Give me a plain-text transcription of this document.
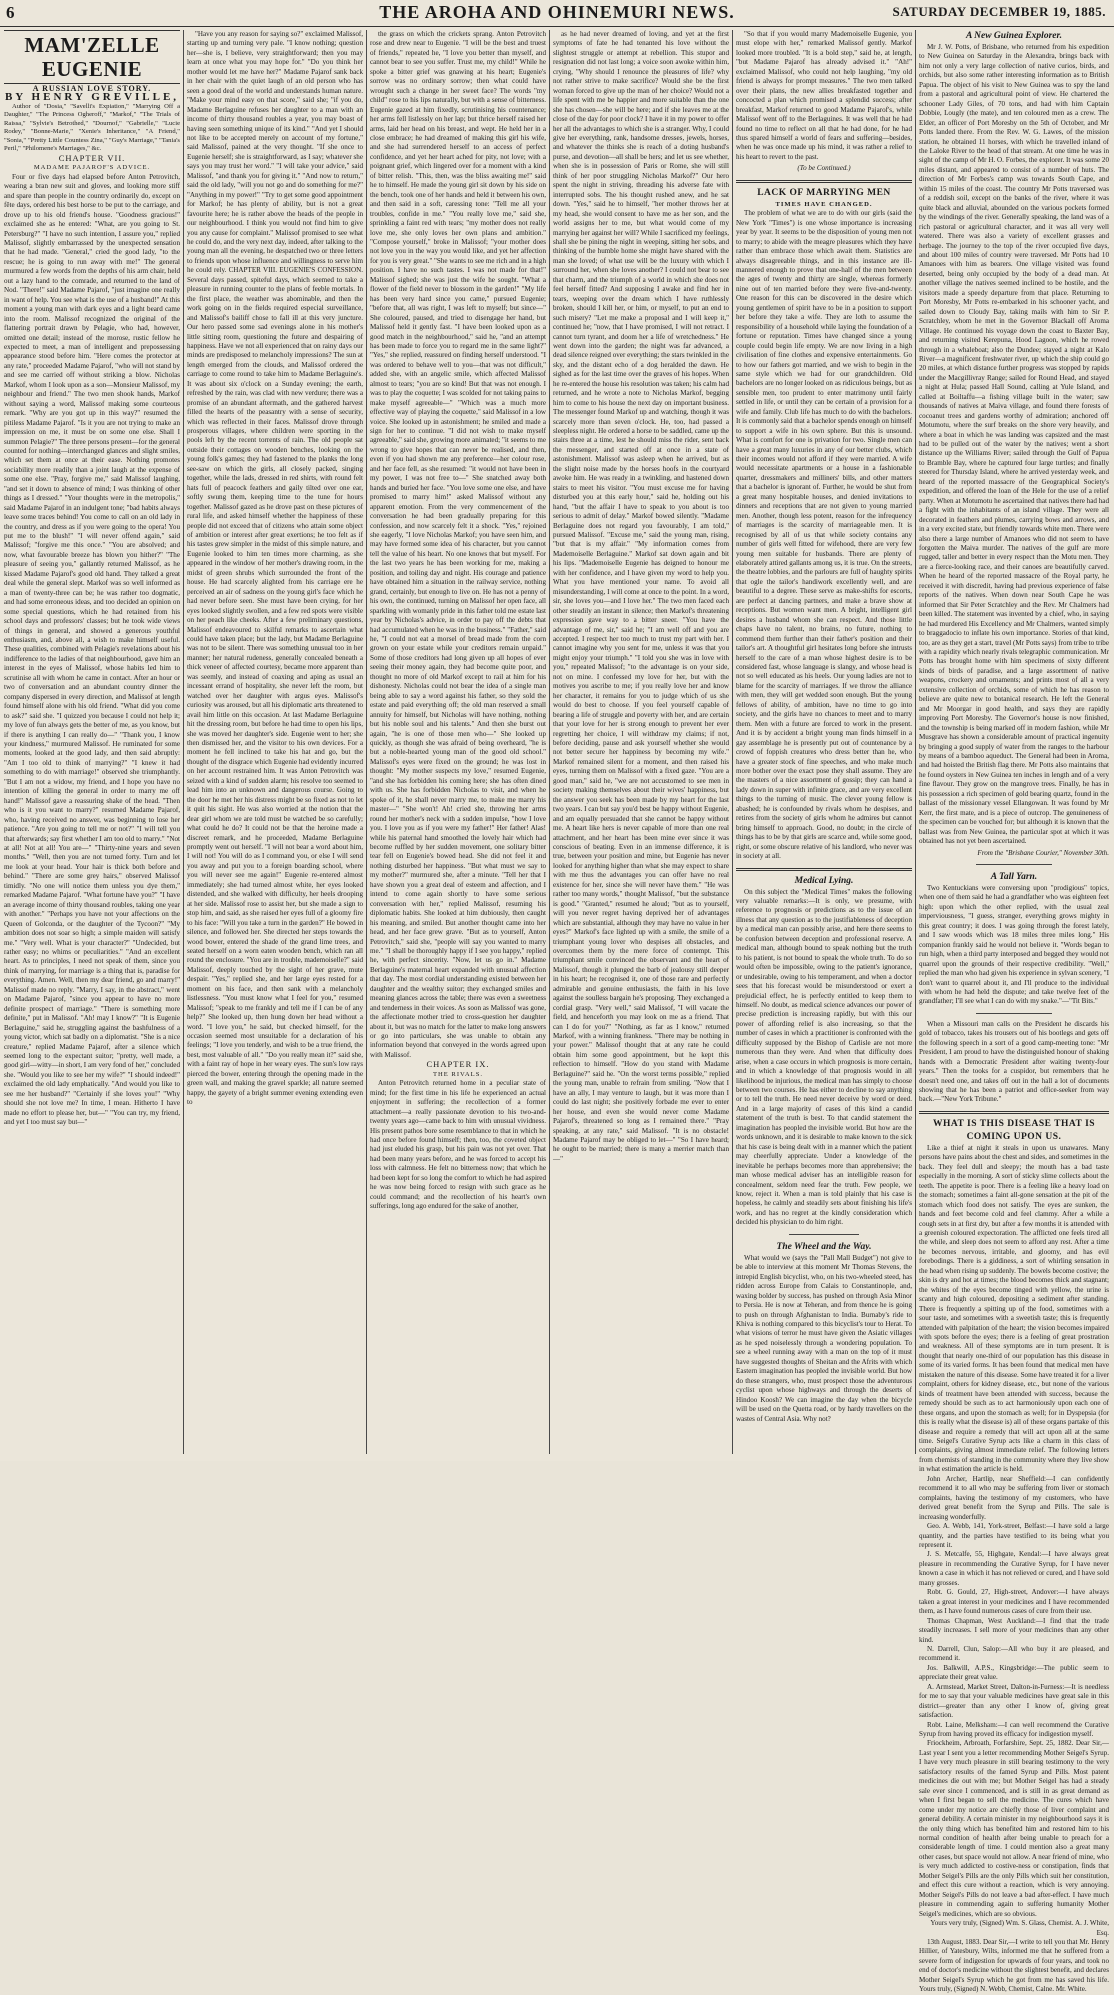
6	THE AROHA AND OHINEMURI NEWS.	SATURDAY DECEMBER 19, 1885.
MAM'ZELLE EUGENIE
A RUSSIAN LOVE STORY.
BY HENRY GREVILLE,

Author of "Dosia," "Savelli's Expiation," "Marrying Off a Daughter," "The Princess Ogheroff," "Markof," "The Trials of Raissa," "Sylvie's Betrothed," "Dournof," "Gabrielle," "Lucie Rodey," "Bonne-Marie," "Xenie's Inheritance," "A Friend," "Sonia," "Pretty Little Countess Zina," "Guy's Marriage," "Tania's Peril," "Philomene's Marriages," &c.

CHAPTER VII.
MADAME PAJAROF'S ADVICE.

Four or five days had elapsed before Anton Petrovitch, wearing a bran new suit and gloves, and looking more stiff and spare than people in the country ordinarily do, except on fête days, ordered his best horse to be put to the carriage, and drove up to his old friend's house. "Goodness gracious!" exclaimed she as he entered: "What, are you going to St. Petersburg?" "I have no such intention, I assure you," replied Malissof, slightly embarrassed by the unexpected sensation that he had made. "General," cried the good lady, "to the rescue; he is going to run away with me!" The general murmured a few words from the depths of his arm chair, held out a lazy hand to the comrade, and returned to the land of Nod. "There!" said Madame Pajarof, "just imagine one really in want of help. You see what is the use of a husband!" At this moment a young man with dark eyes and a light beard came into the room. Malissof recognized the original of the flattering portrait drawn by Pelagie, who had, however, omitted one detail; instead of the morose, rustic fellow he expected to meet, a man of intelligent and prepossessing appearance stood before him. "Here comes the protector at any rate," proceeded Madame Pajarof, "who will not stand by and see me carried off without striking a blow. Nicholas Markof, whom I look upon as a son—Monsieur Malissof, my neighbour and friend." The two men shook hands, Markof without saying a word, Malissof making some courteous remark. "Why are you got up in this way?" resumed the pitiless Madame Pajarof. "Is it you are not trying to make an impression on me, it must be on some one else. Shall I summon Pelagie?" The three persons present—for the general counted for nothing—interchanged glances and slight smiles, which set them at once at their ease. Nothing promotes sociability more readily than a joint laugh at the expense of some one else. "Pray, forgive me," said Malissof laughing, "and set it down to absence of mind; I was thinking of other things as I dressed." "Your thoughts were in the metropolis," said Madame Pajarof in an indulgent tone; "bad habits always leave some traces behind! You come to call on an old lady in the country, and dress as if you were going to the opera! You put me to the blush!" "I will never offend again," said Malissof; "forgive me this once." "You are absolved; and now, what favourable breeze has blown you hither?" "The pleasure of seeing you," gallantly returned Malissof, as he kissed Madame Pajarof's good old hand. They talked a great deal while the general slept. Markof was so well informed as a man of twenty-three can be; he was rather too dogmatic, and had some erroneous ideas, and too decided an opinion on some special questions, which he had retained from his school days and professors' classes; but he took wide views of things in general, and showed a generous youthful enthusiasm, and, above all, a wish to make himself useful. These qualities, combined with Pelagie's revelations about his indifference to the ladies of that neighbourhood, gave him an interest in the eyes of Malissof, whose habits led him to scrutinise all with whom he came in contact. After an hour or two of conversation and an abundant country dinner the company dispersed in every direction, and Malissof at length found himself alone with his old friend. "What did you come to ask?" said she. "I quizzed you because I could not help it; my love of fun always gets the better of me, as you know, but if there is anything I can really do—" "Thank you, I know your kindness," murmured Malissof. He ruminated for some moments, looked at the good lady, and then said abruptly: "Am I too old to think of marrying?" "I knew it had something to do with marriage!" observed she triumphantly. "But I am not a widow, my friend, and I hope you have no intention of killing the general in order to marry me off hand!" Malissof gave a reassuring shake of the head. "Then who is it you want to marry?" resumed Madame Pajarof, who, having received no answer, was beginning to lose her patience. "Are you going to tell me or not?" "I will tell you that afterwards; say first whether I am too old to marry." "Not at all! Not at all! You are—" "Thirty-nine years and seven months." "Well, then you are not turned forty. Turn and let me look at your head. Your hair is thick both before and behind." "There are some grey hairs," observed Malissof timidly. "No one will notice them unless you dye them," remarked Madame Pajarof. "What fortune have you?" "I have an average income of thirty thousand roubles, taking one year with another." "Perhaps you have not your affections on the Queen of Golconda, or the daughter of the Tycoon?" "My ambition does not soar so high; a simple maiden will satisfy me." "Very well. What is your character?" "Undecided, but rather easy; no whims or peculiarities." "And an excellent heart. As to principles, I need not speak of them, since you think of marrying, for marriage is a thing that is, paradise for everything. Amen. Well, then my dear friend, go and marry!" Malissof made no reply. "Marry, I say, in the abstract," went on Madame Pajarof, "since you appear to have no more definite prospect of marriage." "There is something more definite," put in Malissof. "Ah! may I know?" "It is Eugenie Berlaguine," said he, struggling against the bashfulness of a young victor, which sat badly on a diplomatist. "She is a nice creature," replied Madame Pajarof, after a silence which seemed long to the expectant suitor; "pretty, well made, a good girl—witty—in short, I am very fond of her," concluded she. "Would you like to see her my wife?" "I should indeed!" exclaimed the old lady emphatically. "And would you like to see me her husband?" "Certainly if she loves you!" "Why should she not love me? In time, I mean. Hitherto I have made no effort to please her, but—" "You can try, my friend, and yet I too must say but—"

"Have you any reason for saying so?" exclaimed Malissof, starting up and turning very pale. "I know nothing; question her—she is, I believe, very straightforward; then you may learn at once what you may hope for." "Do you think her mother would let me have her?" Madame Pajarof sank back in her chair with the quiet laugh of an old person who has seen a good deal of the world and understands human nature. "Make your mind easy on that score," said she; "if you do, Madame Berlaguine refuses her daughter to a man with an income of thirty thousand roubles a year, you may boast of having seen something unique of its kind." "And yet I should not like to be accepted merely on account of my fortune," said Malissof, pained at the very thought. "If she once to Eugenie herself; she is straightforward, as I say; whatever she says you may trust her word." "I will take your advice," said Malissof, "and thank you for giving it." "And now to return," said the old lady, "will you not go and do something for me?" "Anything in my power!" "Try to get some good appointment for Markof; he has plenty of ability, but is not a great favourite here; he is rather above the heads of the people in our neighbourhood. I think you would not find him to give you any cause for complaint." Malissof promised to see what he could do, and the very next day, indeed, after talking to the young man all the evening, he despatched two or three letters to friends upon whose influence and willingness to serve him he could rely. CHAPTER VIII. EUGENIE'S CONFESSION. Several days passed, spiteful days, which seemed to take a pleasure in running counter to the plans of feeble mortals. In the first place, the weather was abominable, and then the work going on in the fields required especial surveillance, and Malissof's bailiff chose to fall ill at this very juncture. Our hero passed some sad evenings alone in his mother's little sitting room, questioning the future and despairing of happiness. Have we not all experienced that on rainy days our minds are predisposed to melancholy impressions? The sun at length emerged from the clouds, and Malissof ordered the carriage to come round to take him to Madame Berlaguine's. It was about six o'clock on a Sunday evening; the earth, refreshed by the rain, was clad with new verdure; there was a promise of an abundant aftermath, and the gathered harvest filled the hearts of the peasantry with a sense of security, which was reflected in their faces. Malissof drove through prosperous villages, where children were sporting in the pools left by the recent torrents of rain. The old people sat outside their cottages on wooden benches, looking on the young folk's games; they had fastened to the planks the long see-saw on which the girls, all closely packed, singing together, while the lads, dressed in red shirts, with round felt hats full of peacock feathers and gaily tilted over one ear, softly swung them, keeping time to the tune for hours together. Malissof gazed as he drove past on these pictures of rural life, and asked himself whether the happiness of these people did not exceed that of citizens who attain some object of ambition or interest after great exertions; he too felt as if his tastes grew simpler in the midst of this simple nature, and Eugenie looked to him ten times more charming, as she appeared in the window of her mother's drawing room, in the midst of green shrubs which surrounded the front of the house. He had scarcely alighted from his carriage ere he perceived an air of sadness on the young girl's face which he had never before seen. She must have been crying, for her eyes looked slightly swollen, and a few red spots were visible on her peach like cheeks. After a few preliminary questions, Malissof endeavoured to skilful remarks to ascertain what could have taken place; but the lady, but Madame Berlaguine was not to be silent. There was something unusual too in her manner; her natural rudeness, generally concealed beneath a thick veneer of affected courtesy, became more apparent than was seemly, and instead of coaxing and aping as usual an incessant errand of hospitality, she never left the room, but watched over her daughter with argus eyes. Malissof's curiosity was aroused, but all his diplomatic arts threatened to avail him little on this occasion. At last Madame Berlaguine hit the dressing room, but before he had time to open his lips, she was moved her daughter's side. Eugenie went to her; she then dismissed her, and the visitor to his own devices. For a moment he fell inclined to take his hat and go, but the thought of the disgrace which Eugenie had evidently incurred on her account restrained him. It was Anton Petrovitch was seized with a kind of sudden alarm; his resolve too seemed to lead him into an unknown and dangerous course. Going to the door he met her his distress might be so fixed as not to let it quit his sight. He was also worried at the notion that the dear girl whom we are told must be watched be so carefully; what could he do? It could not be that the heroine made a discreet remark, and he proceeded, Madame Berlaguine promptly went out herself. "I will not bear a word about him, I will not! You will do as I command you, or else I will send you away and put you to a foreign boarding school, where you will never see me again!" Eugenie re-entered almost immediately; she had turned almost white, her eyes looked distended, and she walked with difficulty, her heels drooping at her side. Malissof rose to assist her, but she made a sign to stop him, and said, as she raised her eyes full of a gloomy fire to his face: "Will you take a turn in the garden?" He bowed in silence, and followed her. She directed her steps towards the wood bower, entered the shade of the grand lime trees, and seated herself on a worn eaten wooden bench, which ran all round the enclosure. "You are in trouble, mademoiselle?" said Malissof, deeply touched by the sight of her grave, mute despair. "Yes," replied she, and her large eyes rested for a moment on his face, and then sank with a melancholy listlessness. "You must know what I feel for you," resumed Malissof; "speak to me frankly and tell me if I can be of any help?" She looked up, then hung down her head without a word. "I love you," he said, but checked himself, for the occasion seemed most unsuitable for a declaration of his feelings; "I love you tenderly, and wish to be a true friend, the best, most valuable of all." "Do you really mean it?" said she, with a faint ray of hope in her weary eyes. The sun's low rays pierced the bower, entering through the opening made in the green wall, and making the gravel sparkle; all nature seemed happy, the gayety of a bright summer evening extending even to

the grass on which the crickets sprang. Anton Petrovitch rose and drew near to Eugenie. "I will be the best and truest of friends," repeated he, "I love you better than myself, and cannot bear to see you suffer. Trust me, my child!" While he spoke a bitter grief was gnawing at his heart; Eugenie's sorrow was no ordinary sorrow; then what could have wrought such a change in her sweet face? The words "my child" rose to his lips naturally, but with a sense of bitterness. Eugenie gazed at him fixedly, scrutinising his countenance; her arms fell listlessly on her lap; but thrice herself raised her arms, laid her head on his breast, and wept. He held her in a close embrace; he had dreamed of making this girl his wife, and she had surrendered herself to an access of perfect confidence, and yet her heart ached for pity, not love; with a poignant grief, which lingered over for a moment with a kind of bitter relish. "This, then, was the bliss awaiting me!" said he to himself. He made the young girl sit down by his side on the bench, took one of her hands and held it between his own, and then said in a soft, caressing tone: "Tell me all your troubles, confide in me." "You really love me," said she, sprinkling a faint red with tears; "my mother does not really love me, she only loves her own plans and ambition." "Compose yourself," broke in Malissof; "your mother does not love you in the way you would like, and yet her affection for you is very great." "She wants to see me rich and in a high position. I have no such tastes. I was not made for that!" Malissof sighed; she was just the wife he sought. "What a flower of the field never to blossom in the garden!" "My life has been very hard since you came," pursued Eugenie; "before that, all was right, I was left to myself; but since—" She coloured, paused, and tried to disengage her hand, but Malissof held it gently fast. "I have been looked upon as a good match in the neighbourhood," said he, "and an attempt has been made to force you to regard me in the same light?" "Yes," she replied, reassured on finding herself understood. "I was ordered to behave well to you—that was not difficult," added she, with an angelic smile, which affected Malissof almost to tears; "you are so kind! But that was not enough. I was to play the coquette; I was scolded for not taking pains to make myself agreeable—" "Which was a much more effective way of playing the coquette," said Malissof in a low voice. She looked up in astonishment; he smiled and made a sign for her to continue. "I did not wish to make myself agreeable," said she, growing more animated; "it seems to me wrong to give hopes that can never be realised, and then, even if you had shown me any preference—her colour rose, and her face fell, as she resumed: "it would not have been in my power, I was not free to—" She snatched away both hands and buried her face. "You love some one else, and have promised to marry him!" asked Malissof without any apparent emotion. From the very commencement of the conversation he had been gradually preparing for this confession, and now scarcely felt it a shock. "Yes," rejoined she eagerly, "I love Nicholas Markof; you have seen him, and may have formed some idea of his character, but you cannot tell the value of his heart. No one knows that but myself. For the last two years he has been working for me, making a position, and toiling day and night. His courage and patience have obtained him a situation in the railway service, nothing grand, certainly, but enough to live on. He has not a penny of his own, the continued, turning on Malissof her open face, all sparkling with womanly pride in this father told me estate last year by Nicholas's advice, in order to pay off the debts that had accumulated when he was in the business." "Father," said he, "I could not eat a morsel of bread made from the corn grown on your estate while your creditors remain unpaid." Some of those creditors had long given up all hopes of ever seeing their money again, they had become quite poor, and thought no more of old Markof except to rail at him for his dishonesty. Nicholas could not bear the idea of a single man being able to say a word against his father, so they sold the estate and paid everything off; the old man reserved a small annuity for himself, but Nicholas will have nothing, nothing but his noble soul and his talents." And then she burst out again, "he is one of those men who—" She looked up quickly, as though she was afraid of being overheard, "he is but a noble-hearted young man of the good old school." Malissof's eyes were fixed on the ground; he was lost in thought: "My mother suspects my love," resumed Eugenie, "and she has forbidden his coming here; she has often dined with us. She has forbidden Nicholas to visit, and when he spoke of it, he shall never marry me, to make me marry his master—" "She won't! Ah! cried she, throwing her arms round her mother's neck with a sudden impulse, "how I love you. I love you as if you were my father!" Her father! Alas! while his paternal hand smoothed the lovely hair which had become ruffled by her sudden movement, one solitary bitter tear fell on Eugenie's bowed head. She did not feel it and nothing disturbed her happiness. "But what must we say to my mother?" murmured she, after a minute. "Tell her that I have shown you a great deal of esteem and affection, and I intend to come again shortly to have some serious conversation with her," replied Malissof, resuming his diplomatic habits. She looked at him dubiously, then caught his meaning, and smiled. But another thought came into her head, and her face grew grave. "But as to yourself, Anton Petrovitch," said she, "people will say you wanted to marry me." "I shall be thoroughly happy if I see you happy," replied he, with perfect sincerity. "Now, let us go in." Madame Berlaguine's maternal heart expanded with unusual affection that day. The most cordial understanding existed between her daughter and the wealthy suitor; they exchanged smiles and meaning glances across the table; there was even a sweetness and tenderness in their voices. As soon as Malissof was gone, the affectionate mother tried to cross-question her daughter about it, but was no match for the latter to make long answers or go into particulars, she was unable to obtain any information beyond that conveyed in the words agreed upon with Malissof.

CHAPTER IX.
THE RIVALS.

Anton Petrovitch returned home in a peculiar state of mind; for the first time in his life he experienced an actual enjoyment in suffering; the recollection of a former attachment—a really passionate devotion to his two-and-twenty years ago—came back to him with unusual vividness. His present pathos bore some resemblance to that in which he had once before found himself; then, too, the coveted object had just eluded his grasp, but his pain was not yet over. That had been many years before, and he was forced to accept his loss with calmness. He felt no bitterness now; that which he had been kept for so long the comfort to which he had aspired he was now being forced to resign with such grace as he could command; and the recollection of his heart's own sufferings, long ago endured for the sake of another,

as he had never dreamed of loving, and yet at the first symptoms of fate he had tenanted his love without the slightest struggle or attempt at rebellion. This stupor and resignation did not last long; a voice soon awoke within him, crying, "Why should I renounce the pleasures of life? why not rather strive to make sacrifice? Would she be the first woman forced to give up the man of her choice? Would not a life spent with me be happier and more suitable than the one she has chosen—she will be here; and if she leaves me at the close of the day for poor clock? I have it in my power to offer her all the advantages to which she is a stranger. Why, I could give her everything, rank, handsome dresses, jewels, horses, and whatever the thinks she is reach of a doting husband's purse, and devotion—all shall be hers; and let us see whether, when she is in possession of Paris or Rome, she will still think of her poor struggling Nicholas Markof?" Our hero spent the night in striving, threading his adverse fate with interrupted sobs. The his thought rushed anew, and he sat down. "Yes," said he to himself, "her mother throws her at my head, she would consent to have me as her son, and the world assigns her to me, but what would come of my marrying her against her will? While I sacrificed my feelings, shall she be pining the night in weeping, sitting her sobs, and thinking of the humble home she might have shared with the man she loved; of what use will be the luxury with which I surround her, when she loves another? I could not bear to see that charm, and the triumph of a world in which she does not feel herself fitted? And supposing I awake and find her in tears, weeping over the dream which I have ruthlessly broken, should I kill her, or him, or myself, to put an end to such misery? "Let me make a proposal and I will keep it," continued he; "now, that I have promised, I will not retract. I cannot turn tyrant, and doom her a life of wretchedness." He went down into the garden; the night was far advanced, a dead silence reigned over everything; the stars twinkled in the sky, and the distant echo of a dog heralded the dawn. He sighed as for the last time over the graves of his hopes. When he re-entered the house his resolution was taken; his calm had returned, and he wrote a note to Nicholas Markof, begging him to come to his house the next day on important business. The messenger found Markof up and watching, though it was scarcely more than seven o'clock. He, too, had passed a sleepless night. He ordered a horse to be saddled, came up the stairs three at a time, lest he should miss the rider, sent back the messenger, and started off at once in a state of astonishment. Malissof was asleep when he arrived, but as the slight noise made by the horses hoofs in the courtyard awoke him. He was ready in a twinkling, and hastened down stairs to meet his visitor. "You must excuse me for having disturbed you at this early hour," said he, holding out his hand, "but the affair I have to speak to you about is too serious to admit of delay." Markof bowed silently. "Madame Berlaguine does not regard you favourably, I am told," pursued Malissof. "Excuse me," said the young man, rising, "but that is my affair." "My information comes from Mademoiselle Berlaguine." Markof sat down again and bit his lips. "Mademoiselle Eugenie has deigned to honour me with her confidence, and I have given my word to help you. What you have mentioned your name. To avoid all misunderstanding, I will come at once to the point. In a word, sir, she loves you—and I love her." The two men faced each other steadily an instant in silence; then Markof's threatening expression gave way to a bitter sneer. "You have the advantage of me, sir," said he; "I am well off and you are accepted. I respect her too much to trust my part with her. I cannot imagine why you sent for me, unless it was that you might enjoy your triumph." "I told you she was in love with you," repeated Malissof; "to the advantage is on your side, not on mine. I confessed my love for her, but with the motives you ascribe to me; if you really love her and know her character, it remains for you to judge which of us she would do best to choose. If you feel yourself capable of bearing a life of struggle and poverty with her, and are certain that your love for her is strong enough to prevent her ever regretting her choice, I will withdraw my claims; if not, before deciding, pause and ask yourself whether she would not better secure her happiness by becoming my wife." Markof remained silent for a moment, and then raised his eyes, turning them on Malissof with a fixed gaze. "You are a good man," said he, "we are not accustomed to see men in society making themselves about their wives' happiness, but the answer you seek has been made by my heart for the last two years. I can but say you'd best be happy without Eugenie, and am equally persuaded that she cannot be happy without me. A heart like hers is never capable of more than one real attachment, and her heart has been mine ever since it was conscious of beating. Even in an immense difference, it is true, between your position and mine, but Eugenie has never looked for anything higher than what she may expect to share with me thus the advantages you can offer have no real existence for her, since she will never have them." "He was rather too many words," thought Malissof, "but the substance is good." "Granted," resumed he aloud; "but as to yourself, will you never regret having deprived her of advantages which are substantial, although they may have no value in her eyes?" Markof's face lighted up with a smile, the smile of a triumphant young lover who despises all obstacles, and overcomes them by the mere force of contempt. This triumphant smile convinced the observant and the heart of Malissof, though it plunged the barb of jealousy still deeper in his heart; he recognised it, one of those rare and perfectly admirable and genuine enthusiasts, the faith in his love against the soulless bargain he's proposing. They exchanged a cordial grasp. "Very well," said Malissof, "I will vacate the field, and henceforth you may look on me as a friend. That can I do for you?" "Nothing, as far as I know," returned Markof, with a winning frankness. "There may be nothing in your power." Malissof thought that at any rate he could obtain him some good appointment, but he kept this reflection to himself. "How do you stand with Madame Berlaguine?" said he. "On the worst terms possible," replied the young man, unable to refrain from smiling. "Now that I have an ally, I may venture to laugh, but it was more than I could do last night; she positively forbade me ever to enter her house, and even she would never come Madame Pajarof's, threatened so long as I remained there." "Pray speaking, at any rate," said Malissof. "It is no obstacle! Madame Pajarof may be obliged to let—" "So I have heard; he ought to be married; there is many a merrier match than—"

"So that if you would marry Mademoiselle Eugenie, you must elope with her," remarked Malissof gently. Markof looked more troubled. "It is a bold step," said he, at length, "but Madame Pajarof has already advised it." "Ah!" exclaimed Malissof, who could not help laughing, "my old friend is always for prompt measures." The two men talked over their plans, the new allies breakfasted together and concocted a plan which promised a splendid success; after breakfast, Markof returned to good Madame Pajarof's, while Malissof went off to the Berlaguines. It was well that he had found no time to reflect on all that he had done, for he had thus spared himself a world of fears and suffering—besides, when he was once made up his mind, it was rather a relief to his heart to revert to the past.

(To be Continued.)
LACK OF MARRYING MEN
TIMES HAVE CHANGED.

The problem of what we are to do with our girls (said the New York "Times") is one whose importance is increasing year by year. It seems to be the disposition of young men not to marry; to abide with the meagre pleasures which they have rather than embrace those which await them. Statistics are always disagreeable things, and in this instance are ill-mannered enough to prove that one-half of the men between the ages of twenty and thirty are single, whereas formerly nine out of ten married before they were five-and-twenty. One reason for this can be discovered in the desire which young gentlemen of spirit have to be in a position to support her before they take a wife. They are loth to assume the responsibility of a household while laying the foundation of a fortune or reputation. Times have changed since a young couple could begin life empty. We are now living in a high civilisation of fine clothes and expensive entertainments. Go to how our fathers got married, and we wish to begin in the same style which we had for our grandchildren. Old bachelors are no longer looked on as ridiculous beings, but as sensible men, too prudent to enter matrimony until fairly settled in life, or until they can be certain of a provision for a wife and family. Club life has much to do with the bachelors. It is commonly said that a bachelor spends enough on himself to support a wife in his own sphere. But this is unsound. What is comfort for one is privation for two. Single men can have a great many luxuries in any of our better clubs, which their incomes would not afford if they were married. A wife would necessitate apartments or a house in a fashionable quarter, dressmakers and milliners' bills, and other matters that a bachelor is ignorant of. Further, he would be shut from a great many hospitable houses, and denied invitations to dinners and receptions that are not given to young married men. Another, though less potent, reason for the infrequency of marriages is the scarcity of marriageable men. It is recognised by all of us that while society contains any number of girls well fitted for wifehood, there are very few young men suitable for husbands. There are plenty of elaborately attired gallants among us, it is true. On the streets, the theatre lobbies, and the parlours are full of haughty spirits that ogle the tailor's handiwork excellently well, and are beautiful to a degree. These serve as make-shifts for escorts, are perfect at dancing partners, and make a brave show at receptions. But women want men. A bright, intelligent girl desires a husband whom she can respect. And those little chaps have no talent, no brains, no future, nothing to commend them further than their father's position and their tailor's art. A thoughtful girl hesitates long before she intrusts herself to the care of a man whose highest desire is to be considered fast, whose language is slangy, and whose head is not so well educated as his heels. Our young ladies are not to blame for the scarcity of marriages. If we throw the alliance with men, they will get wedded soon enough. But the young fellows of ability, of ambition, have no time to go into society, and the girls have no chances to meet and to marry them. Men with a future are forced to work in the present. And it is by accident a bright young man finds himself in a gay assemblage he is presently put out of countenance by a crowd of foppish creatures who dress better than he, who have a greater stock of fine speeches, and who make much more bother over the exact pose they shall assume. They are the masters of a nice assortment of gossip; they can hand a lady down in super with infinite grace, and are very excellent things to the turning of music. The clever young fellow is abashed; he is confounded by rivals whom he despises, and retires from the society of girls whom he admires but cannot bring himself to approach. Good, no doubt; in the circle of things has to be by that girls are scarce and, while some good, right, or some obscure relative of his landlord, who never was in society at all.

Medical Lying.

On this subject the "Medical Times" makes the following very valuable remarks:—It is only, we presume, with reference to prognosis or predictions as to the issue of an illness that any question as to the justifiableness of deception by a medical man can possibly arise, and here there seems to be confusion between deception and professional reserve. A medical man, although bound to speak nothing but the truth to his patient, is not bound to speak the whole truth. To do so would often be impossible, owing to the patient's ignorance, or undesirable, owing to his temperament, and when a doctor sees that his forecast would be misunderstood or exert a prejudicial effect, he is perfectly entitled to keep them to himself. No doubt, as medical science advances our power of precise prediction is increasing rapidly, but with this our power of affording relief is also increasing, so that the number of cases in which a practitioner is confronted with the difficulty supposed by the Bishop of Carlisle are not more numerous than they were. And when that difficulty does arise, when a case occurs in which prognosis is more certain, and in which a knowledge of that prognosis would in all likelihood be injurious, the medical man has simply to choose between two courses. He has either to decline to say anything or to tell the truth. He need never deceive by word or deed. And in a large majority of cases of this kind a candid statement of the truth is best. To that candid statement the imagination has peopled the invisible world. But how are the words unknown, and it is desirable to make known to the sick that his case is being dealt with in a manner which the patient may cheerfully appreciate. Under a knowledge of the inevitable he perhaps becomes more than apprehensive; the man whose medical adviser has an intelligible reason for concealment, seldom need fear the truth. Few people, we know, reject it. When a man is told plainly that his case is hopeless, he calmly and steadily sets about finishing his life's work, and has no regret at the kindly consideration which decided his physician to do him right.

The Wheel and the Way.

What would we (says the "Pall Mall Budget") not give to be able to interview at this moment Mr Thomas Stevens, the intrepid English bicyclist, who, on his two-wheeled steed, has ridden across Europe from Calais to Constantinople, and, waxing bolder by success, has pushed on through Asia Minor to Persia. He is now at Teheran, and from thence he is going to push on through Afghanistan to India. Burnaby's ride to Khiva is nothing compared to this bicyclist's tour to Herat. To what visions of terror he must have given the Asiatic villages as he sped noiselessly through a wondering population. To see a wheel running away with a man on the top of it must have suggested thoughts of Sheitan and the Afrits with which Eastern imagination has peopled the invisible world. But how do these strangers, who, must prospect those the adventurous cyclist upon whose highways and through the deserts of Hindoo Koosh? We can imagine the day when the bicycle will be used on the Quetta road, or by hardy travellers on the wastes of Central Asia. Why not?

A New Guinea Explorer.

Mr J. W. Potts, of Brisbane, who returned from his expedition to New Guinea on Saturday in the Alexandra, brings back with him not only a very large collection of native curios, birds, and orchids, but also some rather interesting information as to British Papua. The object of his visit to New Guinea was to spy the land from a pastoral and agricultural point of view. He chartered the schooner Lady Giles, of 70 tons, and had with him Captain Dobbie, Lougly (the mate), and ten coloured men as a crew. The Elder, an officer of Port Moresby on the 5th of October, and Mr Potts landed there. From the Rev. W. G. Lawes, of the mission station, he obtained 11 horses, with which he travelled inland of the Laloke River to the head of that stream. At one time he was in sight of the camp of Mr H. O. Forbes, the explorer. It was some 20 miles distant, and appeared to consist of a number of huts. The direction of Mr Forbes's camp was towards South Cape, and within 15 miles of the coast. The country Mr Potts traversed was of a reddish soil, except on the banks of the river, where it was quite black and alluvial, abounded on the various pockets formed by the windings of the river. Generally speaking, the land was of a rich pastoral or agricultural character, and it was all very well watered. There was also a variety of excellent grasses and herbage. The journey to the top of the river occupied five days, and about 100 miles of country were traversed. Mr Potts had 10 Amanoes with him as bearers. One village visited was found deserted, being only occupied by the body of a dead man. At another village the natives seemed inclined to be hostile, and the visitors made a speedy departure from that place. Returning to Port Moresby, Mr Potts re-embarked in his schooner yacht, and sailed down to Cloudy Bay, taking mails with him to Sir P. Scratchley, whom he met in the Governor Blackall off Aroma Village. He continued his voyage down the coast to Baxter Bay, and returning visited Kerepuna, Hood Lagoon, which he rowed through in a whaleboat; also the Dundee; stayed a night at Kalo River—a magnificent freshwater river, up which the ship could go 20 miles, at which distance further progress was stopped by rapids under the Macgillivray Range; sailed for Round Head, and stayed a night at Hula; passed Hall Sound, calling at Yule Island, and called at Boiltaffu—a fishing village built in the water; saw thousands of natives at Maiva village, and found there forests of cocoanut trees and gardens worthy of admiration; anchored off Motumotu, where the surf breaks on the shore very heavily, and where a boat in which he was landing was capsized and the mast had to be pulled out of the water by the natives; went a short distance up the Williams River; sailed through the Gulf of Papua to Bramble Bay, where he captured four large turtles; and finally steered for Thursday Island, where he arrived yesterday week, and heard of the reported massacre of the Geographical Society's expedition, and offered the loan of the Hele for the use of a relief party. When at Motumotu he ascertained that natives there had had a fight with the inhabitants of an island village. They were all decorated in feathers and plumes, carrying bows and arrows, and in a very excited state, but friendly towards white men. There were also there a large number of Amanoes who did not seem to have forgotten the Maiva murder. The natives of the gulf are more rugged, taller and better in every respect than the Motu men. They are a fierce-looking race, and their canoes are beautifully carved. When he heard of the reported massacre of the Royal party, he received it with discredit, having had previous experience of false reports of the natives. When down near South Cape he was informed that Sir Peter Scratchley and the Rev. Mr Chalmers had been killed. The statement was invented by a chief, who, in saying he had murdered His Excellency and Mr Chalmers, wanted simply to braggadocio to inflate his own importance. Stories of that kind, too, are as they get a start, travel (Mr Potts says) from tribe to tribe with a rapidity which nearly rivals telegraphic communication. Mr Potts has brought home with him specimens of sixty different kinds of birds of paradise, and a large assortment of native weapons, crockery and ornaments; and prints most of all a very extensive collection of orchids, some of which he has reason to believe are quite new to botanical research. He left the General and Mr Moorgar in good health, and says they are rapidly improving Port Moresby. The Governor's house is now finished, and the township is being marked off in modern fashion, while Mr Musgrave has shown a considerable amount of practical ingenuity by bringing a good supply of water from the ranges to the harbour by means of a bamboo aqueduct. The General had been in Aroma, and had hoisted the British flag there. Mr Potts also maintains that he found oysters in New Guinea ten inches in length and of a very fine flavour. They grow on the mangrove trees. Finally, he has in his possession a rich specimen of gold bearing quartz, found in the ballast of the missionary vessel Ellangowan. It was found by Mr Kerr, the first mate, and is a piece of outcrop. The genuineness of the specimen can be vouched for; but although it is known that the ballast was from New Guinea, the particular spot at which it was obtained has not yet been ascertained.

From the "Brisbane Courier," November 30th.
A Tall Yarn.

Two Kentuckians were conversing upon "prodigious" topics, when one of them said he had a grandfather who was eighteen feet high: upon which the other replied, with the usual zeal imperviousness, "I guess, stranger, everything grows mighty in this great country; it does. I was going through the forest lately, and I saw woods which was 18 miles three miles long." His companion frankly said he would not believe it. "Words began to run high, when a third party interposed and begged they would not quarrel upon the grounds of their respective credibility. "Well," replied the man who had given his experience in sylvan scenery, "I don't want to quarrel about it, and I'll produce to the individual with whom he had held the dispute; and take twelve feet of the grandfather; I'll see what I can do with my snake."—"Tit Bits."

When a Missouri man calls on the President he discards his gold of tobacco, takes his trousers out of his bootlegs and gets off the following speech in a sort of a good camp-meeting tone: "Mr President, I am proud to have the distinguished honour of shaking hands with a Democratic President after waiting twenty-four years." Then the tooks for a cuspidor, but remembers that he doesn't need one, and takes off out in the hall a lot of documents showing that he has been a patriot and office-seeker from way back.—"New York Tribune."

WHAT IS THIS DISEASE THAT IS COMING UPON US.

Like a thief at night it steals in upon us unawares. Many persons have pains about the chest and sides, and sometimes in the back. They feel dull and sleepy; the mouth has a bad taste especially in the morning. A sort of sticky slime collects about the teeth. The appetite is poor. There is a feeling like a heavy load on the stomach; sometimes a faint all-gone sensation at the pit of the stomach which food does not satisfy. The eyes are sunken, the hands and feet become cold and feel clammy. After a while a cough sets in at first dry, but after a few months it is attended with a greenish coloured expectoration. The afflicted one feels tired all the while, and sleep does not seem to afford any rest. After a time he becomes nervous, irritable, and gloomy, and has evil forebodings. There is a giddiness, a sort of whirling sensation in the head when rising up suddenly. The bowels become costive; the skin is dry and hot at times; the blood becomes thick and stagnant; the whites of the eyes become tinged with yellow, the urine is scanty and high coloured, depositing a sediment after standing. There is frequently a spitting up of the food, sometimes with a sour taste, and sometimes with a sweetish taste; this is frequently attended with palpitation of the heart; the vision becomes impaired with spots before the eyes; there is a feeling of great prostration and weakness. All of these symptoms are in turn present. It is thought that nearly one-third of our population has this disease in some of its varied forms. It has been found that medical men have mistaken the nature of this disease. Some have treated it for a liver complaint, others for kidney disease, etc., but none of the various kinds of treatment have been attended with success, because the remedy should be such as to act harmoniously upon each one of these organs, and upon the stomach as well; for in Dyspepsia (for this is really what the disease is) all of these organs partake of this disease and require a remedy that will act upon all at the same time. Seigel's Curative Syrup acts like a charm in this class of complaints, giving almost immediate relief. The following letters from chemists of standing in the community where they live show in what estimation the article is held.

John Archer, Hartlip, near Sheffield:—I can confidently recommend it to all who may be suffering from liver or stomach complaints, having the testimony of my customers, who have derived great benefit from the Syrup and Pills. The sale is increasing wonderfully.

Geo. A. Webb, 141, York-street, Belfast:—I have sold a large quantity, and the parties have testified to its being what you represent it.

J. S. Metcalfe, 55, Highgate, Kendal:—I have always great pleasure in recommending the Curative Syrup, for I have never known a case in which it has not relieved or cured, and I have sold many grosses.

Robt. G. Gould, 27, High-street, Andover:—I have always taken a great interest in your medicines and I have recommended them, as I have found numerous cases of cure from their use.

Thomas Chapman, West Auckland:—I find that the trade steadily increases. I sell more of your medicines than any other kind.

N. Darrell, Clun, Salop:—All who buy it are pleased, and recommend it.

Jos. Balkwill, A.P.S., Kingsbridge:—The public seem to appreciate their great value.

A. Armstead, Market Street, Dalton-in-Furness:—It is needless for me to say that your valuable medicines have great sale in this district—greater than any other I know of, giving great satisfaction.

Robt. Laine, Melksham:—I can well recommend the Curative Syrup from having proved its efficacy for indigestion myself.

Friockheim, Arbroath, Forfarshire, Sept. 25, 1882. Dear Sir,—Last year I sent you a letter recommending Mother Seigel's Syrup. I have very much pleasure in still bearing testimony to the very satisfactory results of the famed Syrup and Pills. Most patent medicines die out with me; but Mother Seigel has had a steady sale ever since I commenced, and is still in as great demand as when I first began to sell the medicine. The cures which have come under my notice are chiefly those of liver complaint and general debility. A certain minister in my neighbourhood says it is the only thing which has benefited him and restored him to his normal condition of health after being unable to preach for a considerable length of time. I could mention also a great many other cases, but space would not allow. A near friend of mine, who is very much addicted to costive-ness or constipation, finds that Mother Seigel's Pills are the only Pills which suit her constitution, and effect this cure without a reaction, which is very annoying. Mother Seigel's Pills do not leave a bad after-effect. I have much pleasure in commending again to suffering humanity Mother Seigel's medicines, which are so obvious.

Yours very truly, (Signed) Wm. S. Glass, Chemist. A. J. White, Esq.

13th August, 1883. Dear Sir,—I write to tell you that Mr. Henry Hillier, of Yatesbury, Wilts, informed me that he suffered from a severe form of indigestion for upwards of four years, and took no end of doctor's medicine without the slightest benefit, and declares Mother Seigel's Syrup which he got from me has saved his life. Yours truly, (Signed) N. Webb, Chemist, Calne. Mr. White.
